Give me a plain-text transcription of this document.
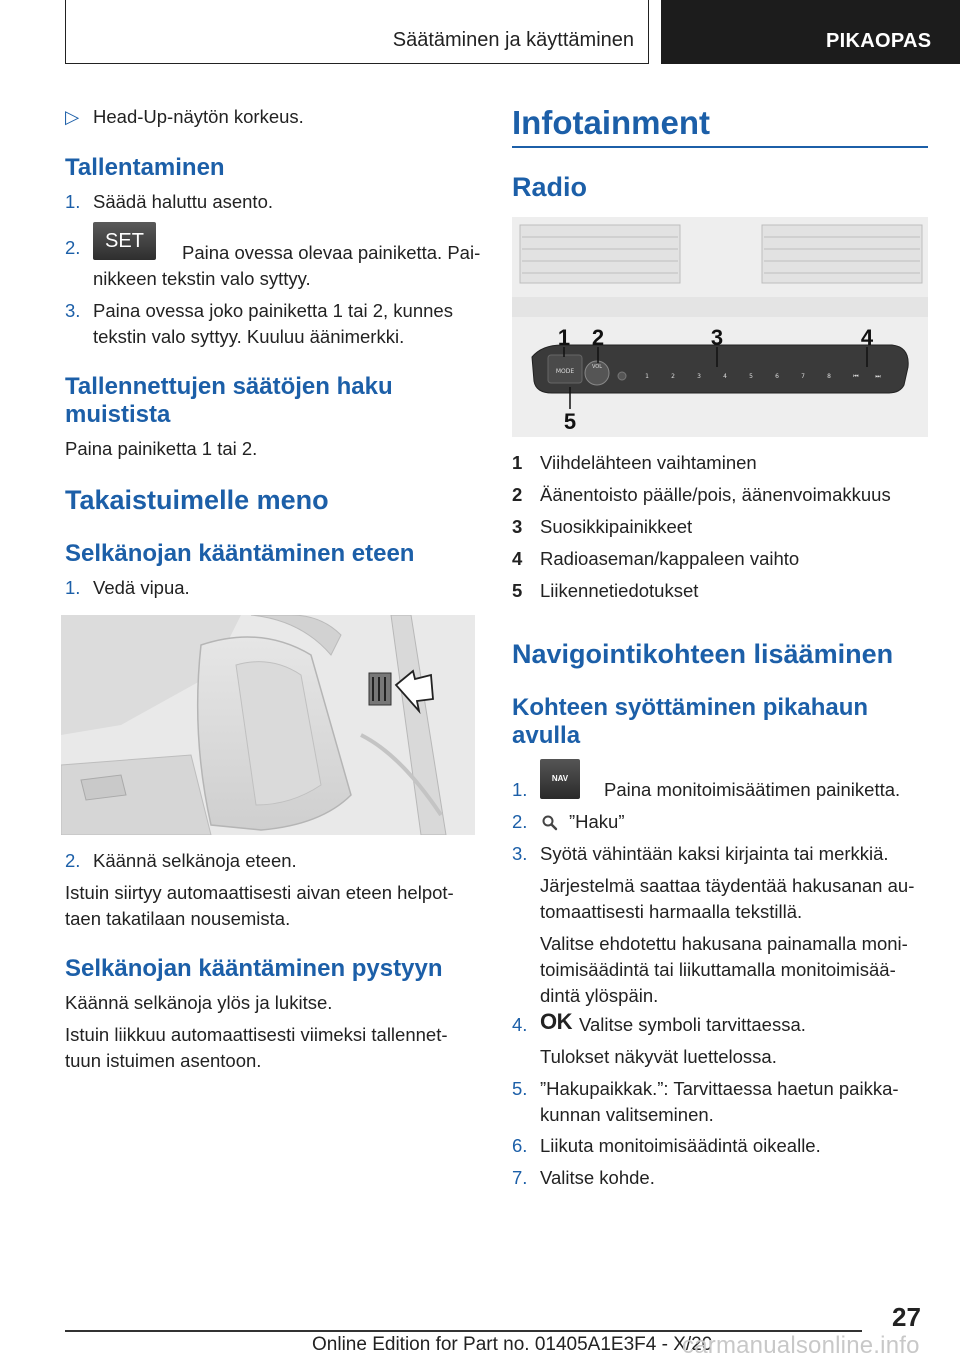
Säätäminen ja käyttäminen	PIKAOPAS
▷ Head-Up-näytön korkeus.
Tallentaminen
1. Säädä haluttu asento.
2.	SET
Paina ovessa olevaa painiketta. Pai‐
nikkeen tekstin valo syttyy.
3. Paina ovessa joko painiketta 1 tai 2, kunnes
tekstin valo syttyy. Kuuluu äänimerkki.
Tallennettujen säätöjen haku
muistista
Paina painiketta 1 tai 2.
Takaistuimelle meno
Selkänojan kääntäminen eteen
1. Vedä vipua.
2. Käännä selkänoja eteen.
Istuin siirtyy automaattisesti aivan eteen helpot‐
taen takatilaan nousemista.
Selkänojan kääntäminen pystyyn
Käännä selkänoja ylös ja lukitse.
Istuin liikkuu automaattisesti viimeksi tallennet‐
tuun istuimen asentoon.
Infotainment
Radio
MODE
VOL
1	2	3	4	5	6	7	8	⏮	⏭
1 2	3	4
5
1 Viihdelähteen vaihtaminen
2 Äänentoisto päälle/pois, äänenvoimakkuus
3 Suosikkipainikkeet
4 Radioaseman/kappaleen vaihto
5 Liikennetiedotukset
Navigointikohteen lisääminen
Kohteen syöttäminen pikahaun
avulla
1.
NAV
Paina monitoimisäätimen painiketta.
2. ”Haku”
3. Syötä vähintään kaksi kirjainta tai merkkiä.
Järjestelmä saattaa täydentää hakusanan au‐
tomaattisesti harmaalla tekstillä.
Valitse ehdotettu hakusana painamalla moni‐
toimisäädintä tai liikuttamalla monitoimisää‐
dintä ylöspäin.
4. OK Valitse symboli tarvittaessa.
Tulokset näkyvät luettelossa.
5. ”Hakupaikkak.”: Tarvittaessa haetun paikka‐
kunnan valitseminen.
6. Liikuta monitoimisäädintä oikealle.
7. Valitse kohde.
27
Online Edition for Part no. 01405A1E3F4 - X/20
carmanualsonline.info
